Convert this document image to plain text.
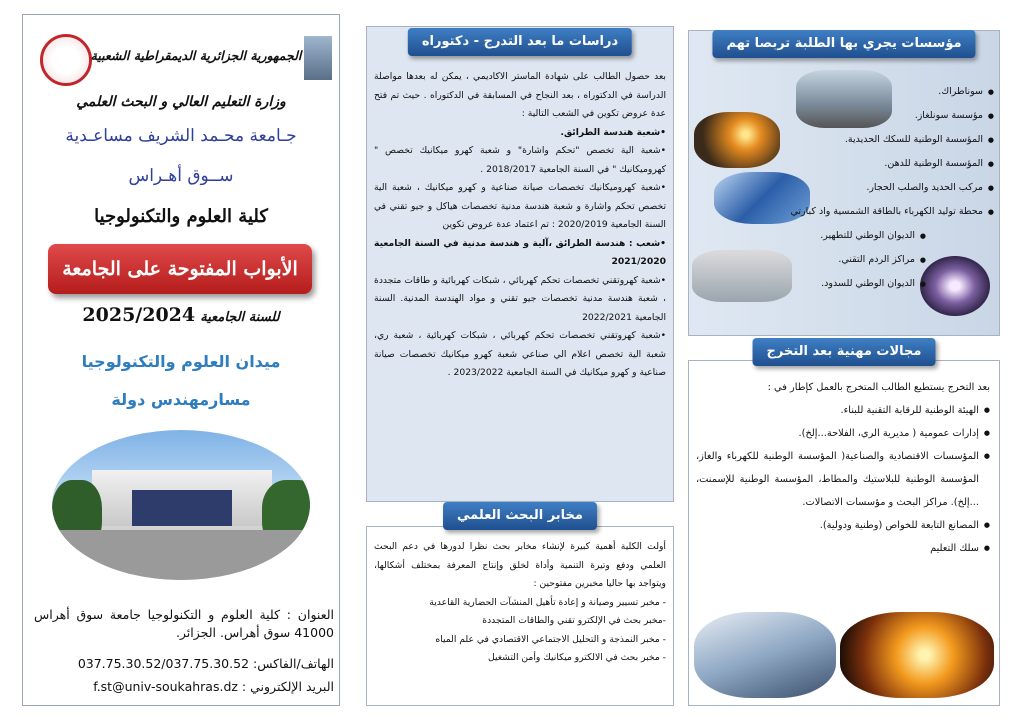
الجمهورية الجزائرية الديمقراطية الشعبية
وزارة التعليم العالي و البحث العلمي
جـامعة محـمد الشريف مساعـدية
ســوق أهـراس
كلية العلوم والتكنولوجيا
الأبواب المفتوحة على الجامعة
للسنة الجامعية 2025/2024
ميدان العلوم والتكنولوجيا
مسارمهندس دولة
العنوان : كلية العلوم و التكنولوجيا جامعة سوق أهراس 41000 سوق أهراس. الجزائر.
الهاتف/الفاكس: 037.75.30.52/037.75.30.52
البريد الإلكتروني : f.st@univ-soukahras.dz
دراسات ما بعد التدرج - دكتوراه
بعد حصول الطالب على شهادة الماستر الاكاديمي ، يمكن له بعدها مواصلة الدراسة في الدكتوراه ، بعد النجاح في المسابقة في الدكتوراه . حيث تم فتح عدة عروض تكوين في الشعب التالية :
•شعبة هندسة الطرائق.
•شعبة الية تخصص "تحكم واشارة" و شعبة كهرو ميكانيك تخصص " كهروميكانيك " في السنة الجامعية 2018/2017 .
•شعبة كهروميكانيك تخصصات صيانة صناعية و كهرو ميكانيك ، شعبة الية تخصص تحكم واشارة و شعبة هندسة مدنية تخصصات هياكل و جيو تقني في السنة الجامعية 2020/2019 : تم اعتماد عدة عروض تكوين
•شعب : هندسة الطرائق ،آلية و هندسة مدنية في السنة الجامعية 2021/2020
•شعبة كهروتقني تخصصات تحكم كهربائي ، شبكات كهربائية و طاقات متجددة ، شعبة هندسة مدنية تخصصات جيو تقني و مواد الهندسة المدنية. السنة الجامعية 2022/2021
•شعبة كهروتقني تخصصات تحكم كهربائي ، شبكات كهربائية ، شعبة ري، شعبة الية تخصص اعلام الي صناعي شعبة كهرو ميكانيك تخصصات صيانة صناعية و كهرو ميكانيك في السنة الجامعية 2023/2022 .
مخابر البحث العلمي
أولت الكلية أهمية كبيرة لإنشاء مخابر بحث نظرا لدورها في دعم البحث العلمي ودفع وتيرة التنمية وأداة لخلق وإنتاج المعرفة بمختلف أشكالها، ويتواجد بها حاليا مخبرين مفتوحين :
- مخبر تسيير وصيانة و إعادة تأهيل المنشآت الحضارية القاعدية
-مخبر بحث في الإلكترو تقني والطاقات المتجددة
- مخبر النمذجة و التحليل الاجتماعي الاقتصادي في علم المياه
- مخبر بحث في الالكترو ميكانيك وأمن التشغيل
مؤسسات يجري بها الطلبة تربصا تهم
● سوناطراك.
● مؤسسة سونلغاز.
● المؤسسة الوطنية للسكك الحديدية.
● المؤسسة الوطنية للدهن.
● مركب الحديد والصلب الحجار.
● محطة توليد الكهرباء بالطاقة الشمسية واد كبارتي
● الديوان الوطني للتطهير.
● مراكز الردم التقني.
● الديوان الوطني للسدود.
مجالات مهنية بعد التخرج
بعد التخرج يستطيع الطالب المتخرج بالعمل كإطار في :
● الهيئة الوطنية للرقابة التقنية للبناء.
● إدارات عمومية ( مديرية الري، الفلاحة...إلخ).
● المؤسسات الاقتصادية والصناعية( المؤسسة الوطنية للكهرباء والغاز، المؤسسة الوطنية للبلاستيك والمطاط، المؤسسة الوطنية للإسمنت، ...إلخ). مراكز البحث و مؤسسات الاتصالات.
● المصانع التابعة للخواص (وطنية ودولية).
● سلك التعليم
